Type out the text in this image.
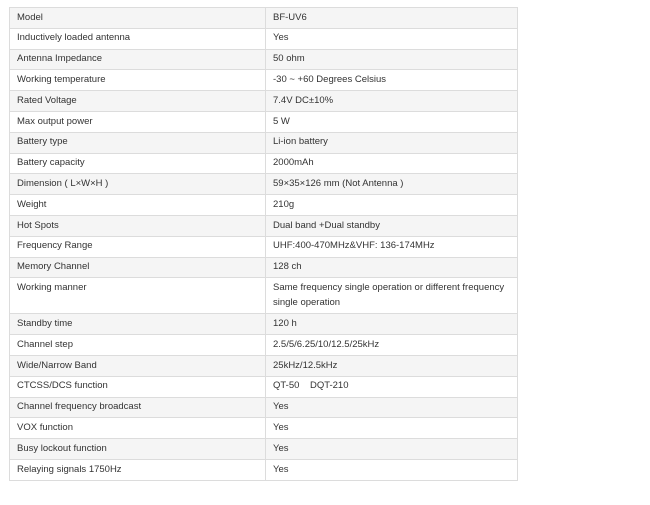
Model	BF-UV6
Inductively loaded antenna	Yes
Antenna Impedance	50 ohm
Working temperature	-30 ~ +60 Degrees Celsius
Rated Voltage	7.4V DC±10%
Max output power	5 W
Battery type	Li-ion battery
Battery capacity	2000mAh
Dimension ( L×W×H )	59×35×126 mm (Not Antenna )
Weight	210g
Hot Spots	Dual band +Dual standby
Frequency Range	UHF:400-470MHz&VHF: 136-174MHz
Memory Channel	128 ch
Working manner	Same frequency single operation or different frequency single operation
Standby time	120 h
Channel step	2.5/5/6.25/10/12.5/25kHz
Wide/Narrow Band	25kHz/12.5kHz
CTCSS/DCS function	QT-50    DQT-210
Channel frequency broadcast	Yes
VOX function	Yes
Busy lockout function	Yes
Relaying signals 1750Hz	Yes
